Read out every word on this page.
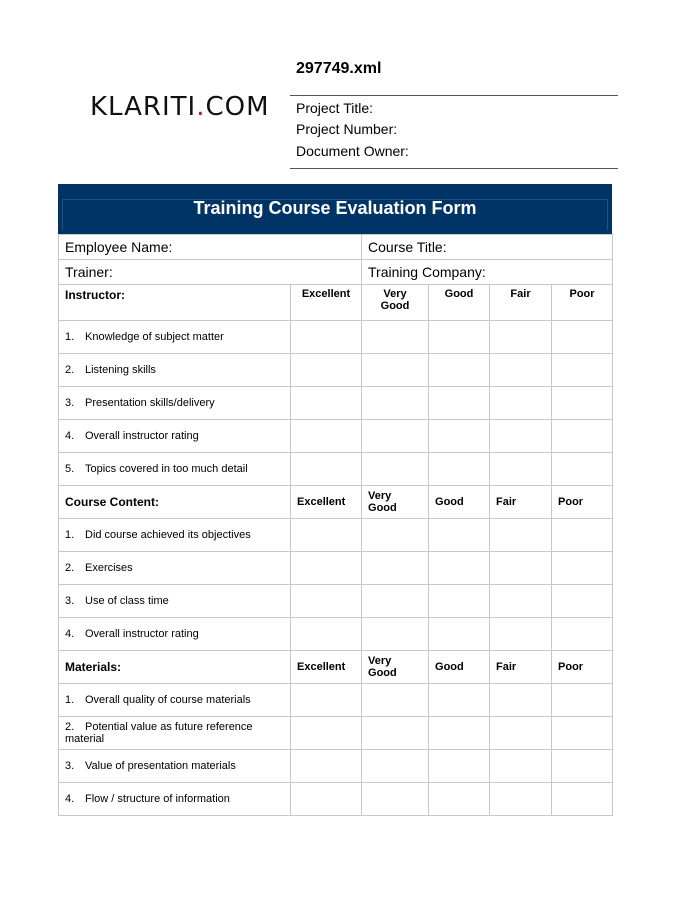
297749.xml
KLARITI.COM Project Title:
Project Number:
Document Owner:
Training Course Evaluation Form
Employee Name:		Course Title:			
Trainer:		Training Company:			
Instructor:	Excellent	Very Good	Good	Fair	Poor
1. Knowledge of subject matter					
2. Listening skills					
3. Presentation skills/delivery					
4. Overall instructor rating					
5. Topics covered in too much detail					
Course Content:	Excellent	Very Good	Good	Fair	Poor
1. Did course achieved its objectives					
2. Exercises					
3. Use of class time					
4. Overall instructor rating					
Materials:	Excellent	Very Good	Good	Fair	Poor
1. Overall quality of course materials					
2. Potential value as future reference material					
3. Value of presentation materials					
4. Flow / structure of information					
